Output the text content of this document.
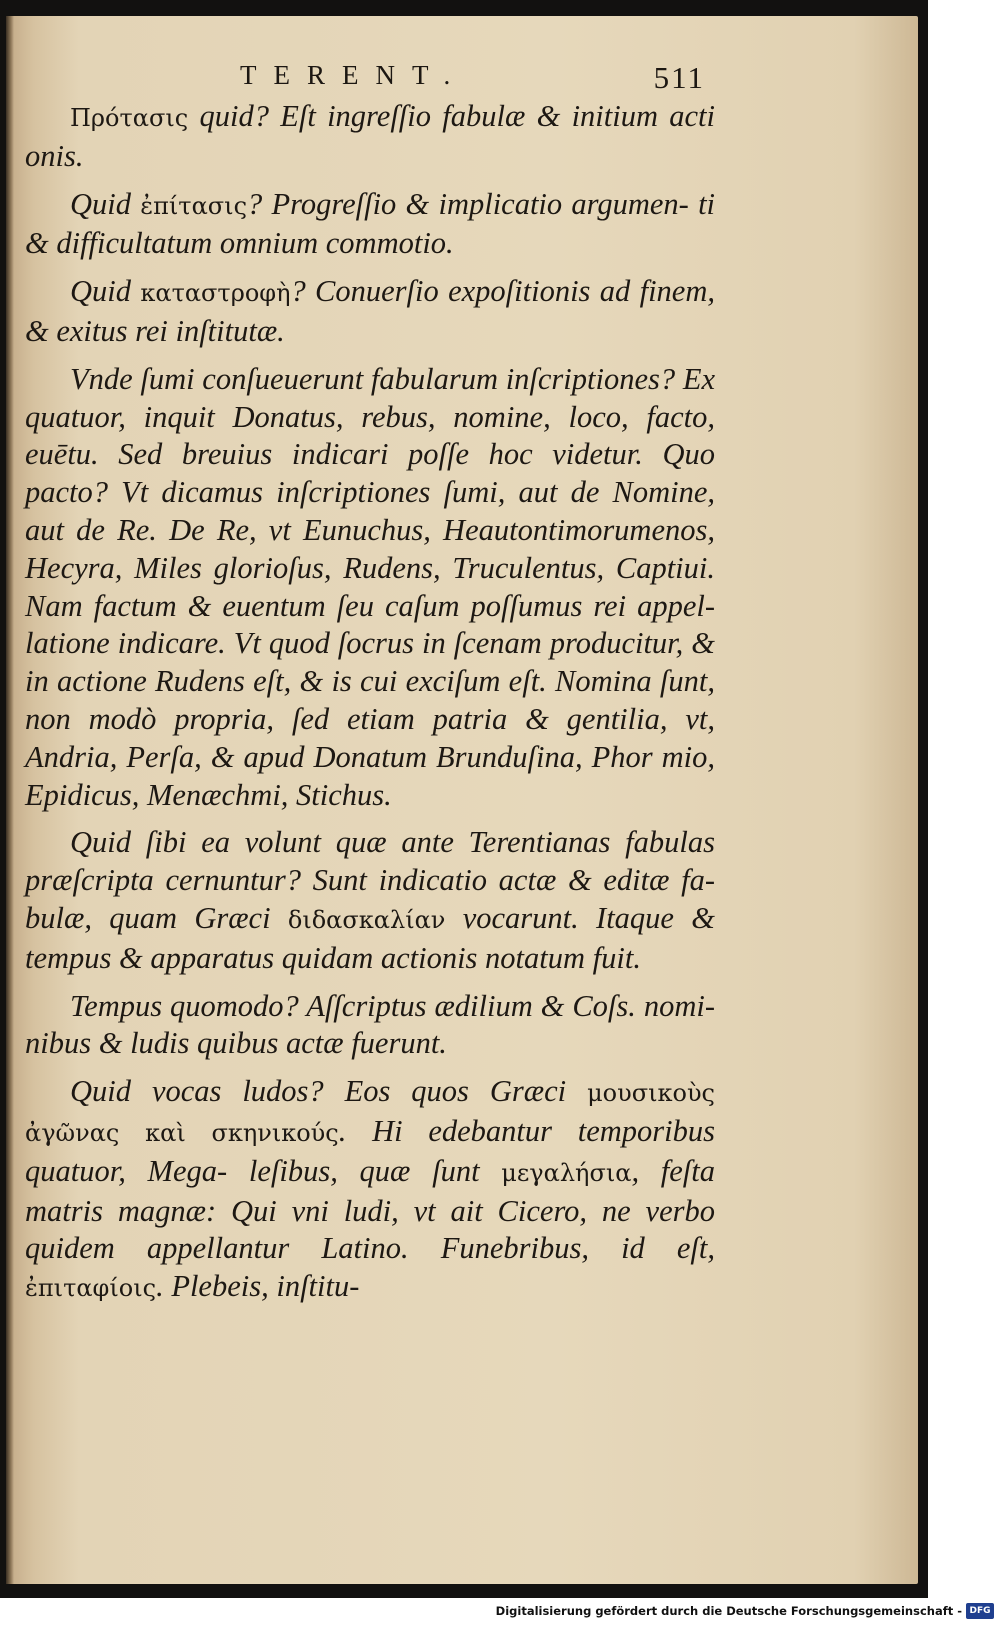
TERENT.	511

Πρότασις quid? Eſt ingreſſio fabulæ & initium acti onis.

Quid ἐπίτασις? Progreſſio & implicatio argumen- ti & difficultatum omnium commotio.

Quid καταστροφὴ? Conuerſio expoſitionis ad finem, & exitus rei inſtitutæ.

Vnde ſumi conſueuerunt fabularum inſcriptiones? Ex quatuor, inquit Donatus, rebus, nomine, loco, facto, euētu. Sed breuius indicari poſſe hoc videtur. Quo pacto? Vt dicamus inſcriptiones ſumi, aut de Nomine, aut de Re. De Re, vt Eunuchus, Heautontimorumenos, Hecyra, Miles glorioſus, Rudens, Truculentus, Captiui. Nam factum & euentum ſeu caſum poſſumus rei appel- latione indicare. Vt quod ſocrus in ſcenam producitur, & in actione Rudens eſt, & is cui exciſum eſt. Nomina ſunt, non modò propria, ſed etiam patria & gentilia, vt, Andria, Perſa, & apud Donatum Brunduſina, Phor mio, Epidicus, Menæchmi, Stichus.

Quid ſibi ea volunt quæ ante Terentianas fabulas præſcripta cernuntur? Sunt indicatio actæ & editæ fa- bulæ, quam Græci διδασκαλίαν vocarunt. Itaque & tempus & apparatus quidam actionis notatum fuit.

Tempus quomodo? Aſſcriptus ædilium & Coſs. nomi- nibus & ludis quibus actæ fuerunt.

Quid vocas ludos? Eos quos Græci μουσικοὺς ἀγῶνας καὶ σκηνικούς. Hi edebantur temporibus quatuor, Mega- leſibus, quæ ſunt μεγαλήσια, feſta matris magnæ: Qui vni ludi, vt ait Cicero, ne verbo quidem appellantur Latino. Funebribus, id eſt, ἐπιταφίοις. Plebeis, inſtitu-

Digitalisierung gefördert durch die Deutsche Forschungsgemeinschaft - DFG
